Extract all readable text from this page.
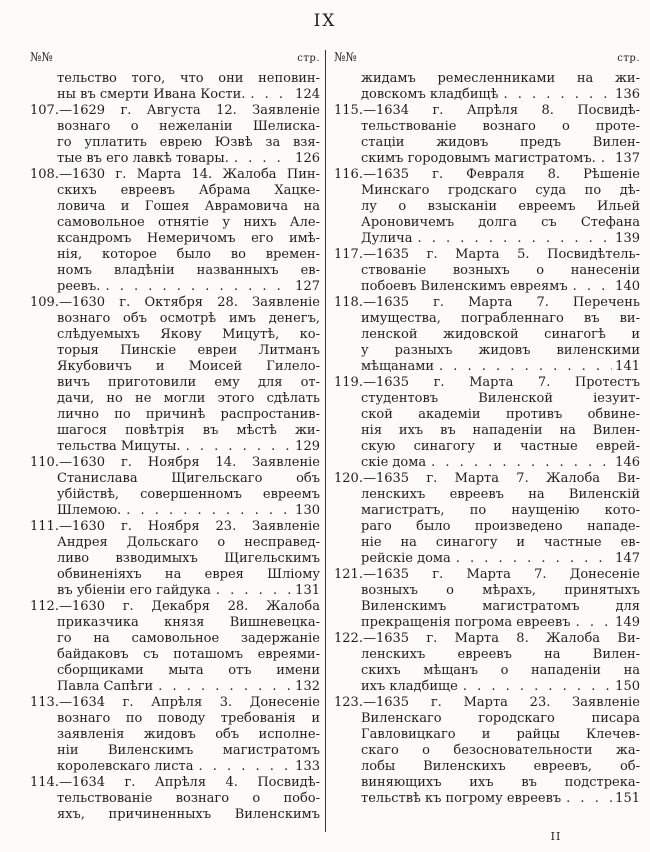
IX
№№	стр.
тельство того, что они неповин-
ны въ смерти Ивана Кости. . . .	124
107.—1629 г. Августа 12. Заявленіе
вознаго о нежеланіи Шелиска-
го уплатить еврею Юзвѣ за взя-
тые въ его лавкѣ товары. . . .	126
108.—1630 г. Марта 14. Жалоба Пин-
скихъ евреевъ Абрама Хацке-
ловича и Гошея Аврамовича на
самовольное отнятіе у нихъ Але-
ксандромъ Немеричомъ его имѣ-
нія, которое было во времен-
номъ владѣніи названныхъ ев-
реевъ. . . .	127
109.—1630 г. Октября 28. Заявленіе
вознаго объ осмотрѣ имъ денегъ,
слѣдуемыхъ Якову Мицутѣ, ко-
торыя Пинскіе евреи Литманъ
Якубовичъ и Моисей Гилело-
вичъ приготовили ему для от-
дачи, но не могли этого сдѣлать
лично по причинѣ распростанив-
шагося повѣтрія въ мѣстѣ жи-
тельства Мицуты. . . .	129
110.—1630 г. Ноября 14. Заявленіе
Станислава Щигельскаго объ
убійствѣ, совершенномъ евреемъ
Шлемою. . . .	130
111.—1630 г. Ноября 23. Заявленіе
Андрея Дольскаго о несправед-
ливо взводимыхъ Щигельскимъ
обвиненіяхъ на еврея Шліому
въ убіеніи его гайдука . . .	131
112.—1630 г. Декабря 28. Жалоба
приказчика князя Вишневецка-
го на самовольное задержаніе
байдаковъ съ поташомъ евреями-
сборщиками мыта отъ имени
Павла Сапѣги . . .	132
113.—1634 г. Апрѣля 3. Донесеніе
вознаго по поводу требованія и
заявленія жидовъ объ исполне-
ніи Виленскимъ магистратомъ
королевскаго листа . . .	133
114.—1634 г. Апрѣля 4. Посвидѣ-
тельствованіе вознаго о побо-
яхъ, причиненныхъ Виленскимъ
№№	стр.
жидамъ ремесленниками на жи-
довскомъ кладбищѣ . . .	136
115.—1634 г. Апрѣля 8. Посвидѣ-
тельствованіе вознаго о проте-
стаціи жидовъ предъ Вилен-
скимъ городовымъ магистратомъ. . . . 137
116.—1635 г. Февраля 8. Рѣшеніе
Минскаго гродскаго суда по дѣ-
лу о взысканіи евреемъ Ильей
Ароновичемъ долга съ Стефана
Дулича . . .	139
117.—1635 г. Марта 5. Посвидѣтель-
ствованіе возныхъ о нанесеніи
побоевъ Виленскимъ евреямъ . . .	140
118.—1635 г. Марта 7. Перечень
имущества, пограбленнаго въ ви-
ленской жидовской синагогѣ и
у разныхъ жидовъ виленскими
мѣщанами . . .	141
119.—1635 г. Марта 7. Протестъ
студентовъ Виленской іезуит-
ской академіи противъ обвине-
нія ихъ въ нападеніи на Вилен-
скую синагогу и частные еврей-
скіе дома . . .	146
120.—1635 г. Марта 7. Жалоба Ви-
ленскихъ евреевъ на Виленскій
магистратъ, по наущенію кото-
раго было произведено нападе-
ніе на синагогу и частные ев-
рейскіе дома . . .	147
121.—1635 г. Марта 7. Донесеніе
возныхъ о мѣрахъ, принятыхъ
Виленскимъ магистратомъ для
прекращенія погрома евреевъ . . .	149
122.—1635 г. Марта 8. Жалоба Ви-
ленскихъ евреевъ на Вилен-
скихъ мѣщанъ о нападеніи на
ихъ кладбище . . .	150
123.—1635 г. Марта 23. Заявленіе
Виленскаго городскаго писара
Гавловицкаго и райцы Клечев-
скаго о безосновательности жа-
лобы Виленскихъ евреевъ, об-
виняющихъ ихъ въ подстрека-
тельствѣ къ погрому евреевъ . . .	151
II
